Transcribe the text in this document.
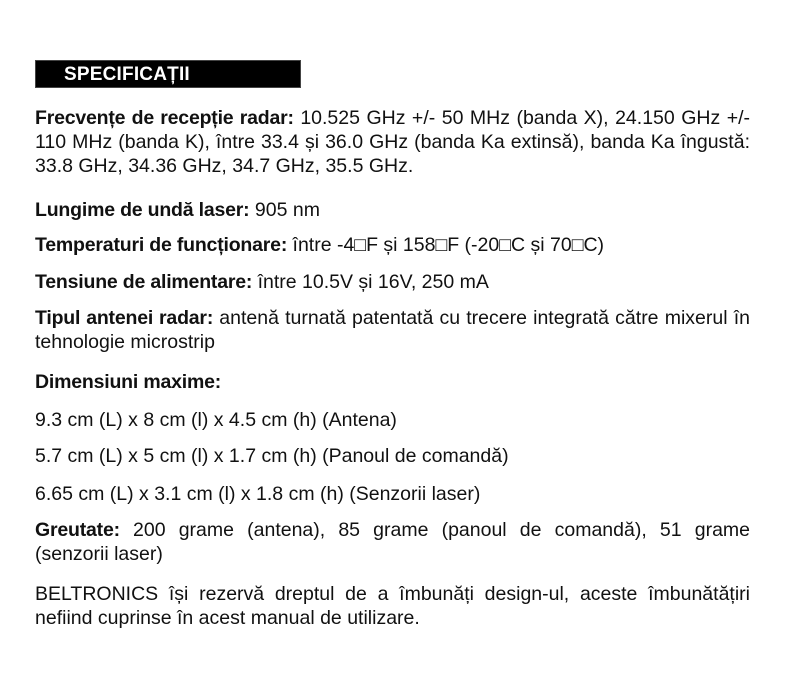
SPECIFICAȚII
Frecvențe de recepție radar: 10.525 GHz +/- 50 MHz (banda X), 24.150 GHz +/- 110 MHz (banda K), între 33.4 și 36.0 GHz (banda Ka extinsă), banda Ka îngustă: 33.8 GHz, 34.36 GHz, 34.7 GHz, 35.5 GHz.
Lungime de undă laser: 905 nm
Temperaturi de funcționare: între -4□F și 158□F (-20□C și 70□C)
Tensiune de alimentare: între 10.5V și 16V, 250 mA
Tipul antenei radar: antenă turnată patentată cu trecere integrată către mixerul în tehnologie microstrip
Dimensiuni maxime:
9.3 cm (L) x 8 cm (l) x 4.5 cm (h) (Antena)
5.7 cm (L) x 5 cm (l) x 1.7 cm (h) (Panoul de comandă)
6.65 cm (L) x 3.1 cm (l) x 1.8 cm (h) (Senzorii laser)
Greutate: 200 grame (antena), 85 grame (panoul de comandă), 51 grame (senzorii laser)
BELTRONICS își rezervă dreptul de a îmbunăți design-ul, aceste îmbunătățiri nefiind cuprinse în acest manual de utilizare.
